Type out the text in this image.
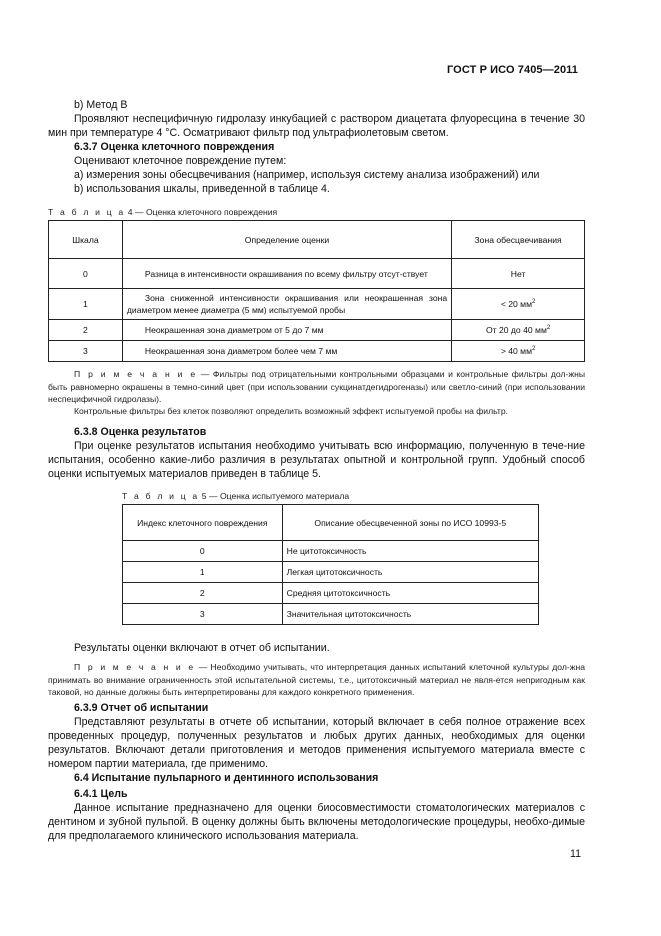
ГОСТ Р ИСО 7405—2011
b) Метод B
Проявляют неспецифичную гидролазу инкубацией с раствором диацетата флуоресцина в течение 30 мин при температуре 4 °С. Осматривают фильтр под ультрафиолетовым светом.
6.3.7 Оценка клеточного повреждения
Оценивают клеточное повреждение путем:
а) измерения зоны обесцвечивания (например, используя систему анализа изображений) или
b) использования шкалы, приведенной в таблице 4.
Т а б л и ц а 4 — Оценка клеточного повреждения
Шкала	Определение оценки	Зона обесцвечивания
0	Разница в интенсивности окрашивания по всему фильтру отсут-ствует	Нет
1	Зона сниженной интенсивности окрашивания или неокрашенная зона диаметром менее диаметра (5 мм) испытуемой пробы	< 20 $мм^2$
2	Неокрашенная зона диаметром от 5 до 7 мм	От 20 до 40 $мм^2$
3	Неокрашенная зона диаметром более чем 7 мм	> 40 $мм^2$
П р и м е ч а н и е — Фильтры под отрицательными контрольными образцами и контрольные фильтры дол-жны быть равномерно окрашены в темно-синий цвет (при использовании сукцинатдегидрогеназы) или светло-синий (при использовании неспецифичной гидролазы).
Контрольные фильтры без клеток позволяют определить возможный эффект испытуемой пробы на фильтр.
6.3.8 Оценка результатов
При оценке результатов испытания необходимо учитывать всю информацию, полученную в тече-ние испытания, особенно какие-либо различия в результатах опытной и контрольной групп. Удобный способ оценки испытуемых материалов приведен в таблице 5.
Т а б л и ц а 5 — Оценка испытуемого материала
Индекс клеточного повреждения	Описание обесцвеченной зоны по ИСО 10993-5
0	Не цитотоксичность
1	Легкая цитотоксичность
2	Средняя цитотоксичность
3	Значительная цитотоксичность
Результаты оценки включают в отчет об испытании.
П р и м е ч а н и е — Необходимо учитывать, что интерпретация данных испытаний клеточной культуры дол-жна принимать во внимание ограниченность этой испытательной системы, т.е., цитотоксичный материал не явля-ется непригодным как таковой, но данные должны быть интерпретированы для каждого конкретного применения.
6.3.9 Отчет об испытании
Представляют результаты в отчете об испытании, который включает в себя полное отражение всех проведенных процедур, полученных результатов и любых других данных, необходимых для оценки результатов. Включают детали приготовления и методов применения испытуемого материала вместе с номером партии материала, где применимо.
6.4 Испытание пульпарного и дентинного использования
6.4.1 Цель
Данное испытание предназначено для оценки биосовместимости стоматологических материалов с дентином и зубной пульпой. В оценку должны быть включены методологические процедуры, необхо-димые для предполагаемого клинического использования материала.
11
